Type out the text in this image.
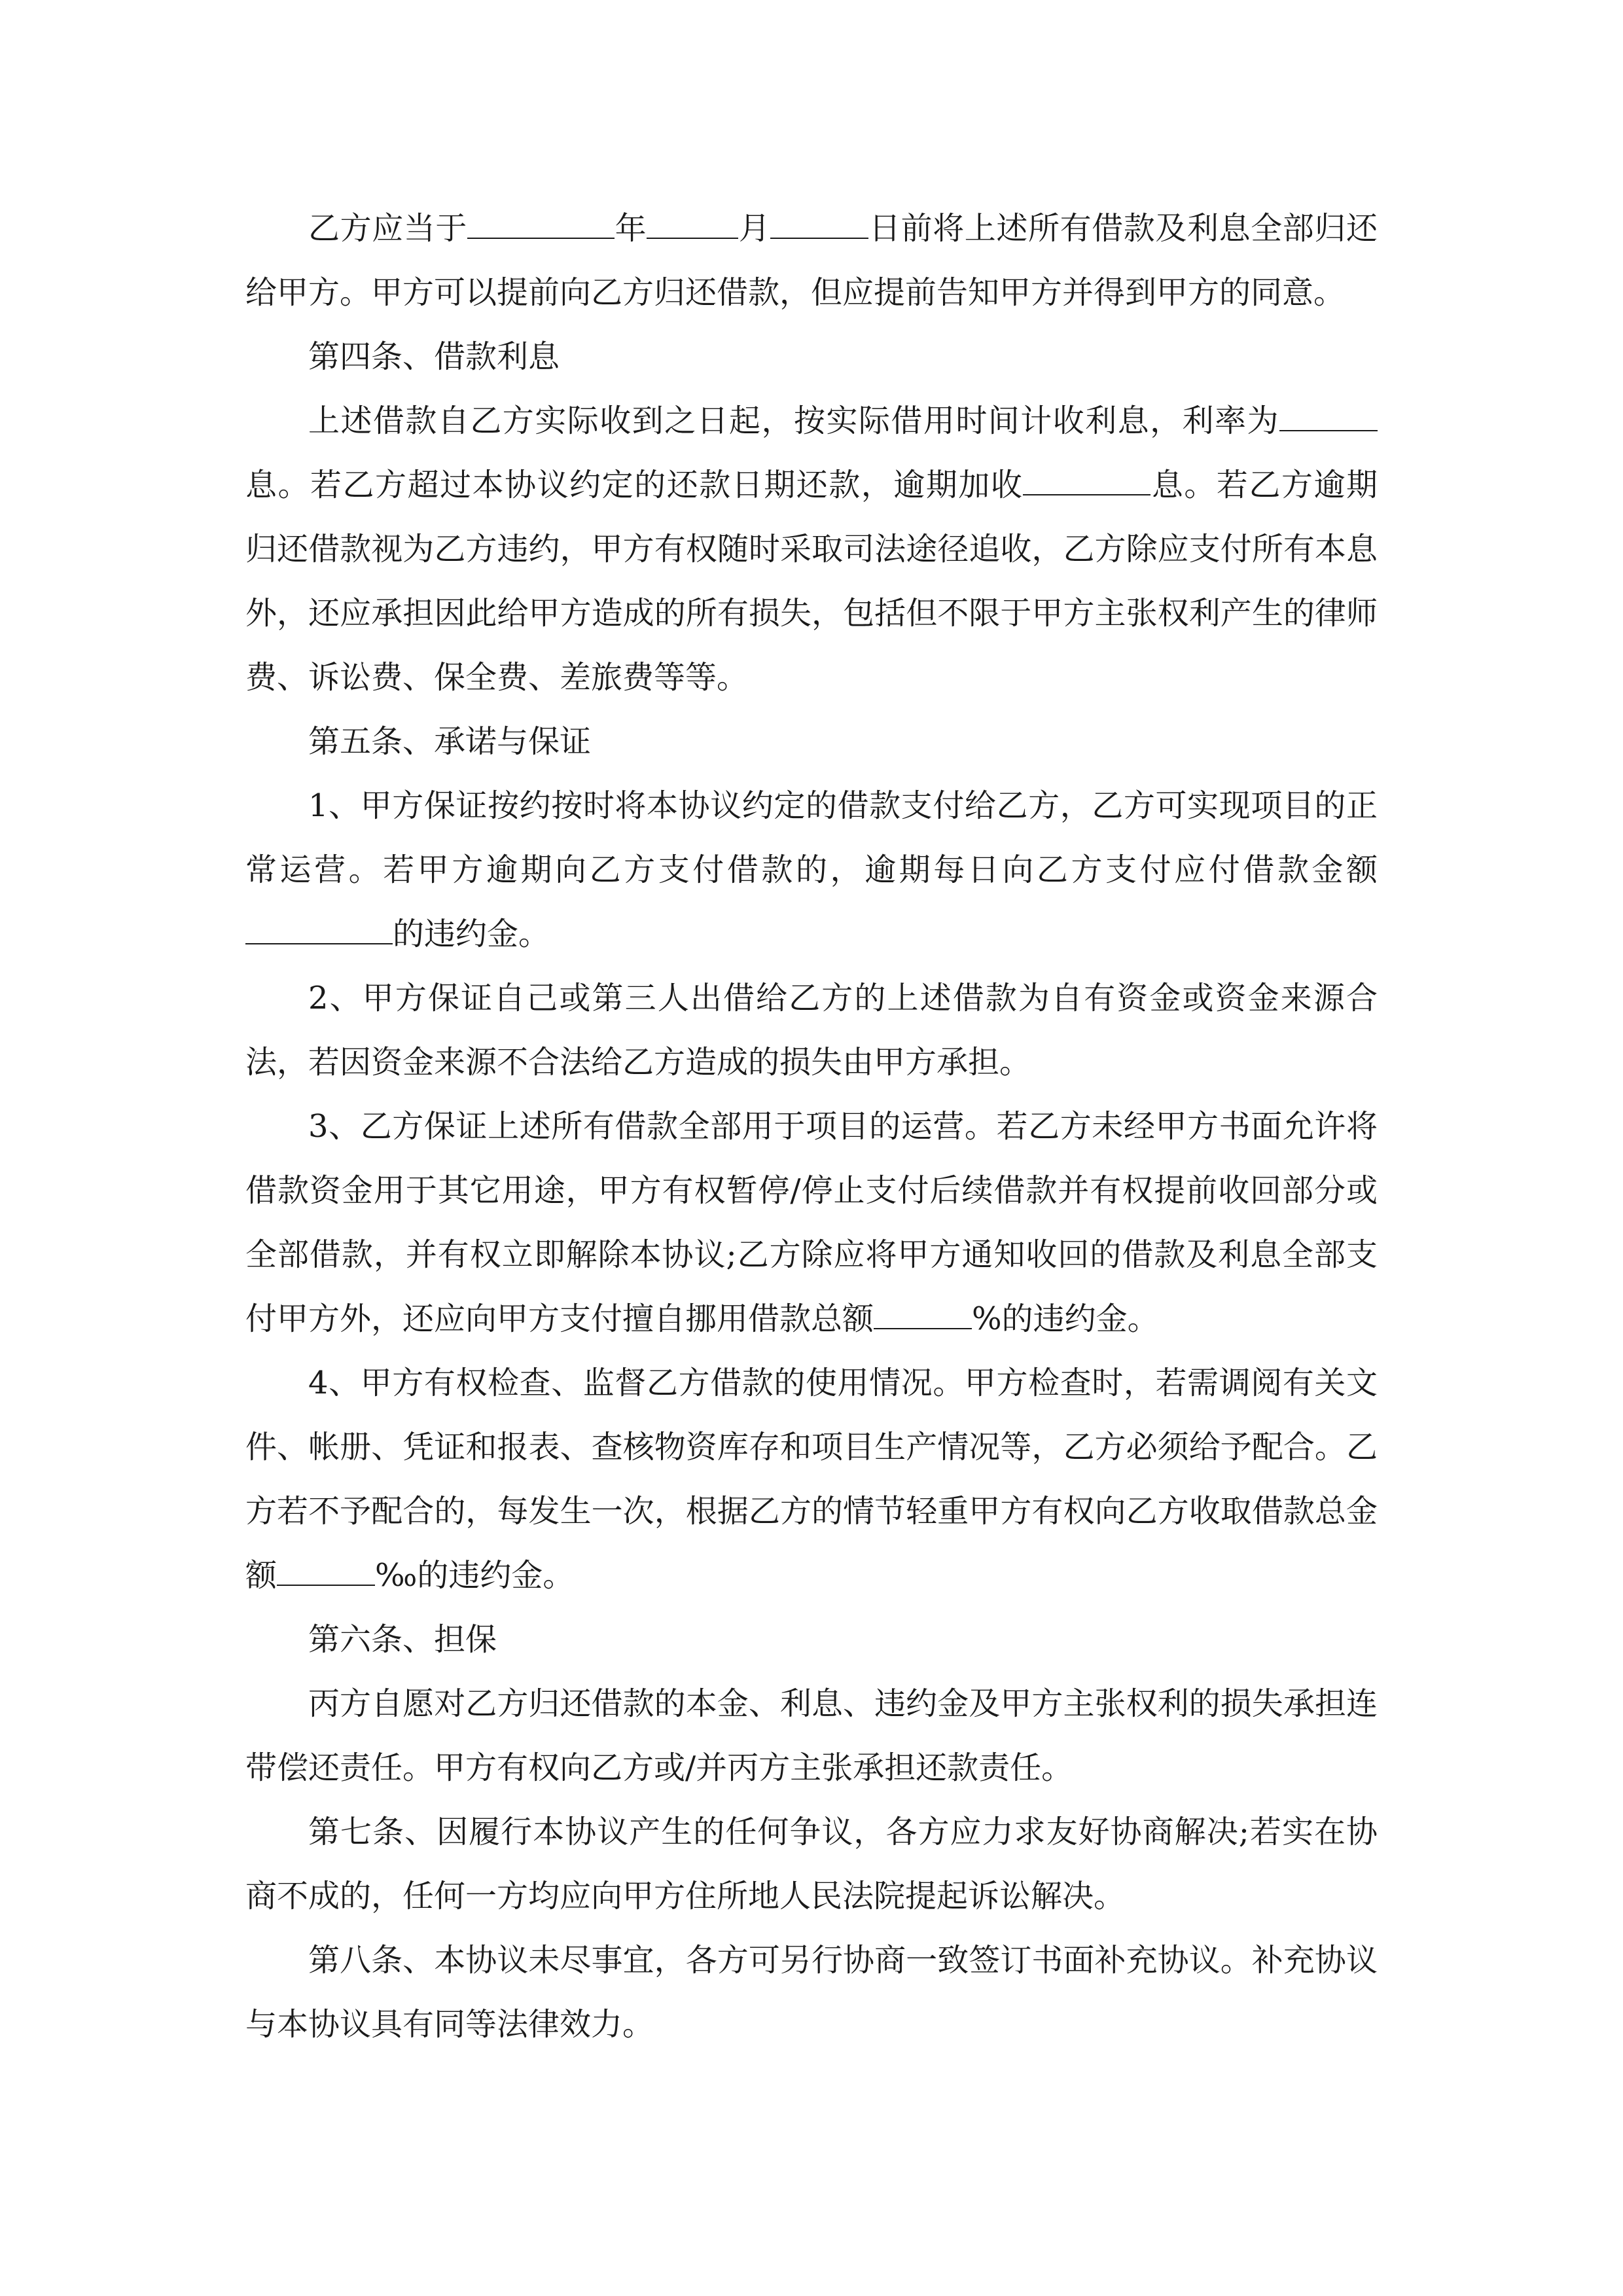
乙方应当于	年	月	日前将上述所有借款及利息全部归还给甲方。甲方可以提前向乙方归还借款，但应提前告知甲方并得到甲方的同意。

第四条、借款利息

上述借款自乙方实际收到之日起，按实际借用时间计收利息，利率为息。若乙方超过本协议约定的还款日期还款，逾期加收	息。若乙方逾期归还借款视为乙方违约，甲方有权随时采取司法途径追收，乙方除应支付所有本息外，还应承担因此给甲方造成的所有损失，包括但不限于甲方主张权利产生的律师费、诉讼费、保全费、差旅费等等。

第五条、承诺与保证

1、甲方保证按约按时将本协议约定的借款支付给乙方，乙方可实现项目的正常运营。若甲方逾期向乙方支付借款的，逾期每日向乙方支付应付借款金额的违约金。

2、甲方保证自己或第三人出借给乙方的上述借款为自有资金或资金来源合法，若因资金来源不合法给乙方造成的损失由甲方承担。

3、乙方保证上述所有借款全部用于项目的运营。若乙方未经甲方书面允许将借款资金用于其它用途，甲方有权暂停/停止支付后续借款并有权提前收回部分或全部借款，并有权立即解除本协议;乙方除应将甲方通知收回的借款及利息全部支付甲方外，还应向甲方支付擅自挪用借款总额	%的违约金。

4、甲方有权检查、监督乙方借款的使用情况。甲方检查时，若需调阅有关文件、帐册、凭证和报表、查核物资库存和项目生产情况等，乙方必须给予配合。乙方若不予配合的，每发生一次，根据乙方的情节轻重甲方有权向乙方收取借款总金额	‰的违约金。

第六条、担保

丙方自愿对乙方归还借款的本金、利息、违约金及甲方主张权利的损失承担连带偿还责任。甲方有权向乙方或/并丙方主张承担还款责任。

第七条、因履行本协议产生的任何争议，各方应力求友好协商解决;若实在协商不成的，任何一方均应向甲方住所地人民法院提起诉讼解决。

第八条、本协议未尽事宜，各方可另行协商一致签订书面补充协议。补充协议与本协议具有同等法律效力。
